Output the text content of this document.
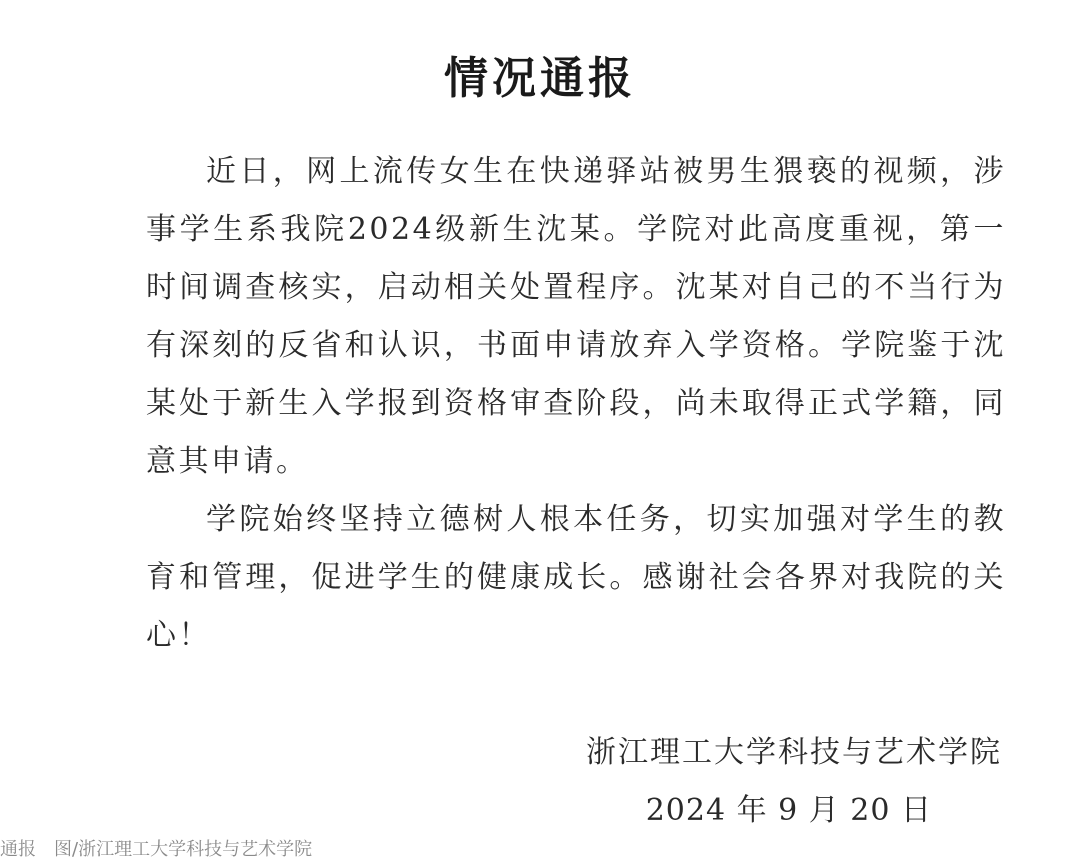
情况通报

近日，网上流传女生在快递驿站被男生猥亵的视频，涉事学生系我院2024级新生沈某。学院对此高度重视，第一时间调查核实，启动相关处置程序。沈某对自己的不当行为有深刻的反省和认识，书面申请放弃入学资格。学院鉴于沈某处于新生入学报到资格审查阶段，尚未取得正式学籍，同意其申请。

学院始终坚持立德树人根本任务，切实加强对学生的教育和管理，促进学生的健康成长。感谢社会各界对我院的关心！

浙江理工大学科技与艺术学院
2024 年 9 月 20 日
通报　图/浙江理工大学科技与艺术学院
